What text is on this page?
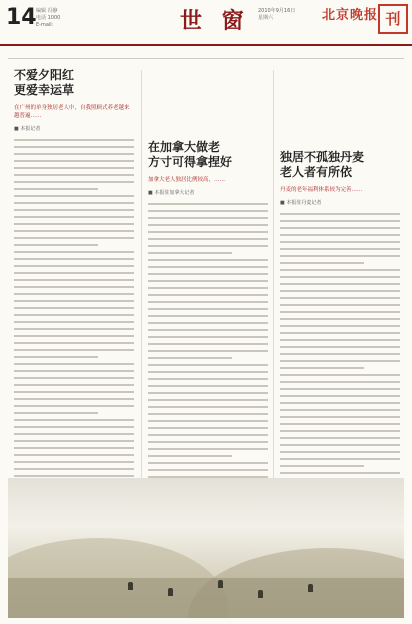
14 编辑 冯静
电话 1000
E-mail:	世 窗 2010年9月16日
星期六	北京晚报 刊
不爱夕阳红
更爱幸运草
在广州的单身独居老人中，自我照顾式养老越来越普遍……
■ 本报记者
在加拿大做老
方寸可得拿捏好
加拿大老人独居比例较高，……
■ 本报驻加拿大记者
独居不孤独丹麦
老人者有所依
丹麦的老年福利体系较为完善……
■ 本报驻丹麦记者
